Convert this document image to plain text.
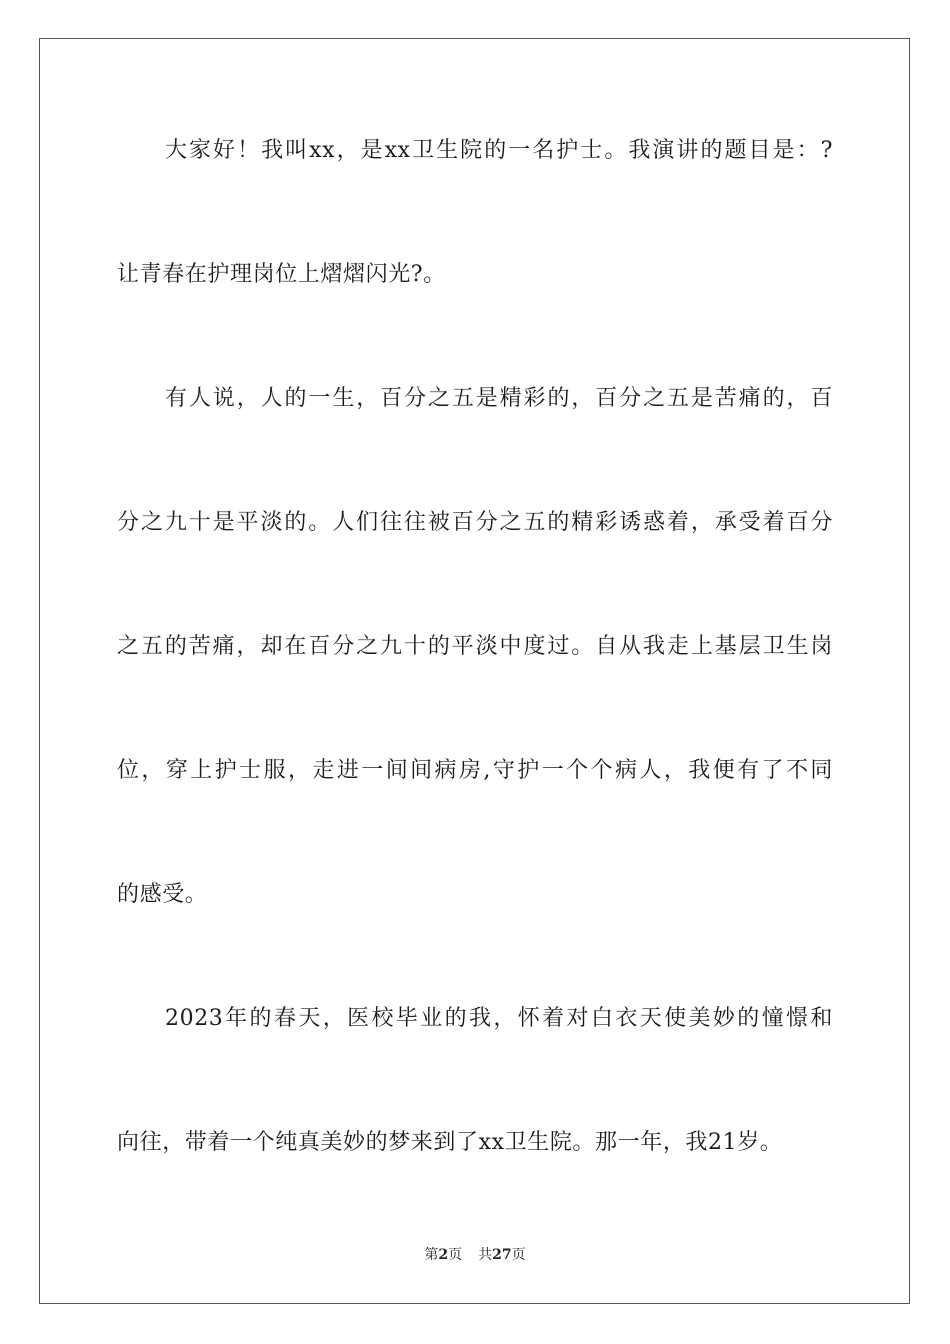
大家好！我叫xx，是xx卫生院的一名护士。我演讲的题目是：?
让青春在护理岗位上熠熠闪光?。
有人说，人的一生，百分之五是精彩的，百分之五是苦痛的，百
分之九十是平淡的。人们往往被百分之五的精彩诱惑着，承受着百分
之五的苦痛，却在百分之九十的平淡中度过。自从我走上基层卫生岗
位，穿上护士服，走进一间间病房,守护一个个病人，我便有了不同
的感受。
2023年的春天，医校毕业的我，怀着对白衣天使美妙的憧憬和
向往，带着一个纯真美妙的梦来到了xx卫生院。那一年，我21岁。
第2页 共27页
